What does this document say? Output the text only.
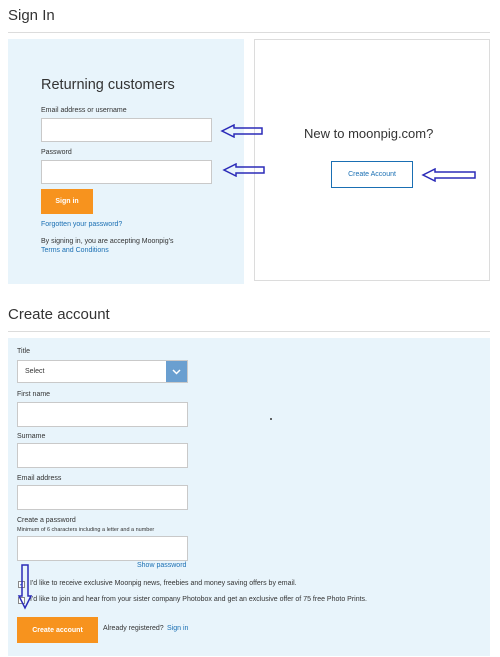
Sign In
Returning customers
Email address or username
Password
Sign in
Forgotten your password?
By signing in, you are accepting Moonpig's
Terms and Conditions
New to moonpig.com?
Create Account
Create account
Title
Select
First name
Surname
Email address
Create a password
Minimum of 6 characters including a letter and a number
Show password
✓ I'd like to receive exclusive Moonpig news, freebies and money saving offers by email.
I'd like to join and hear from your sister company Photobox and get an exclusive offer of 75 free Photo Prints.
Create account	Already registered? Sign in
